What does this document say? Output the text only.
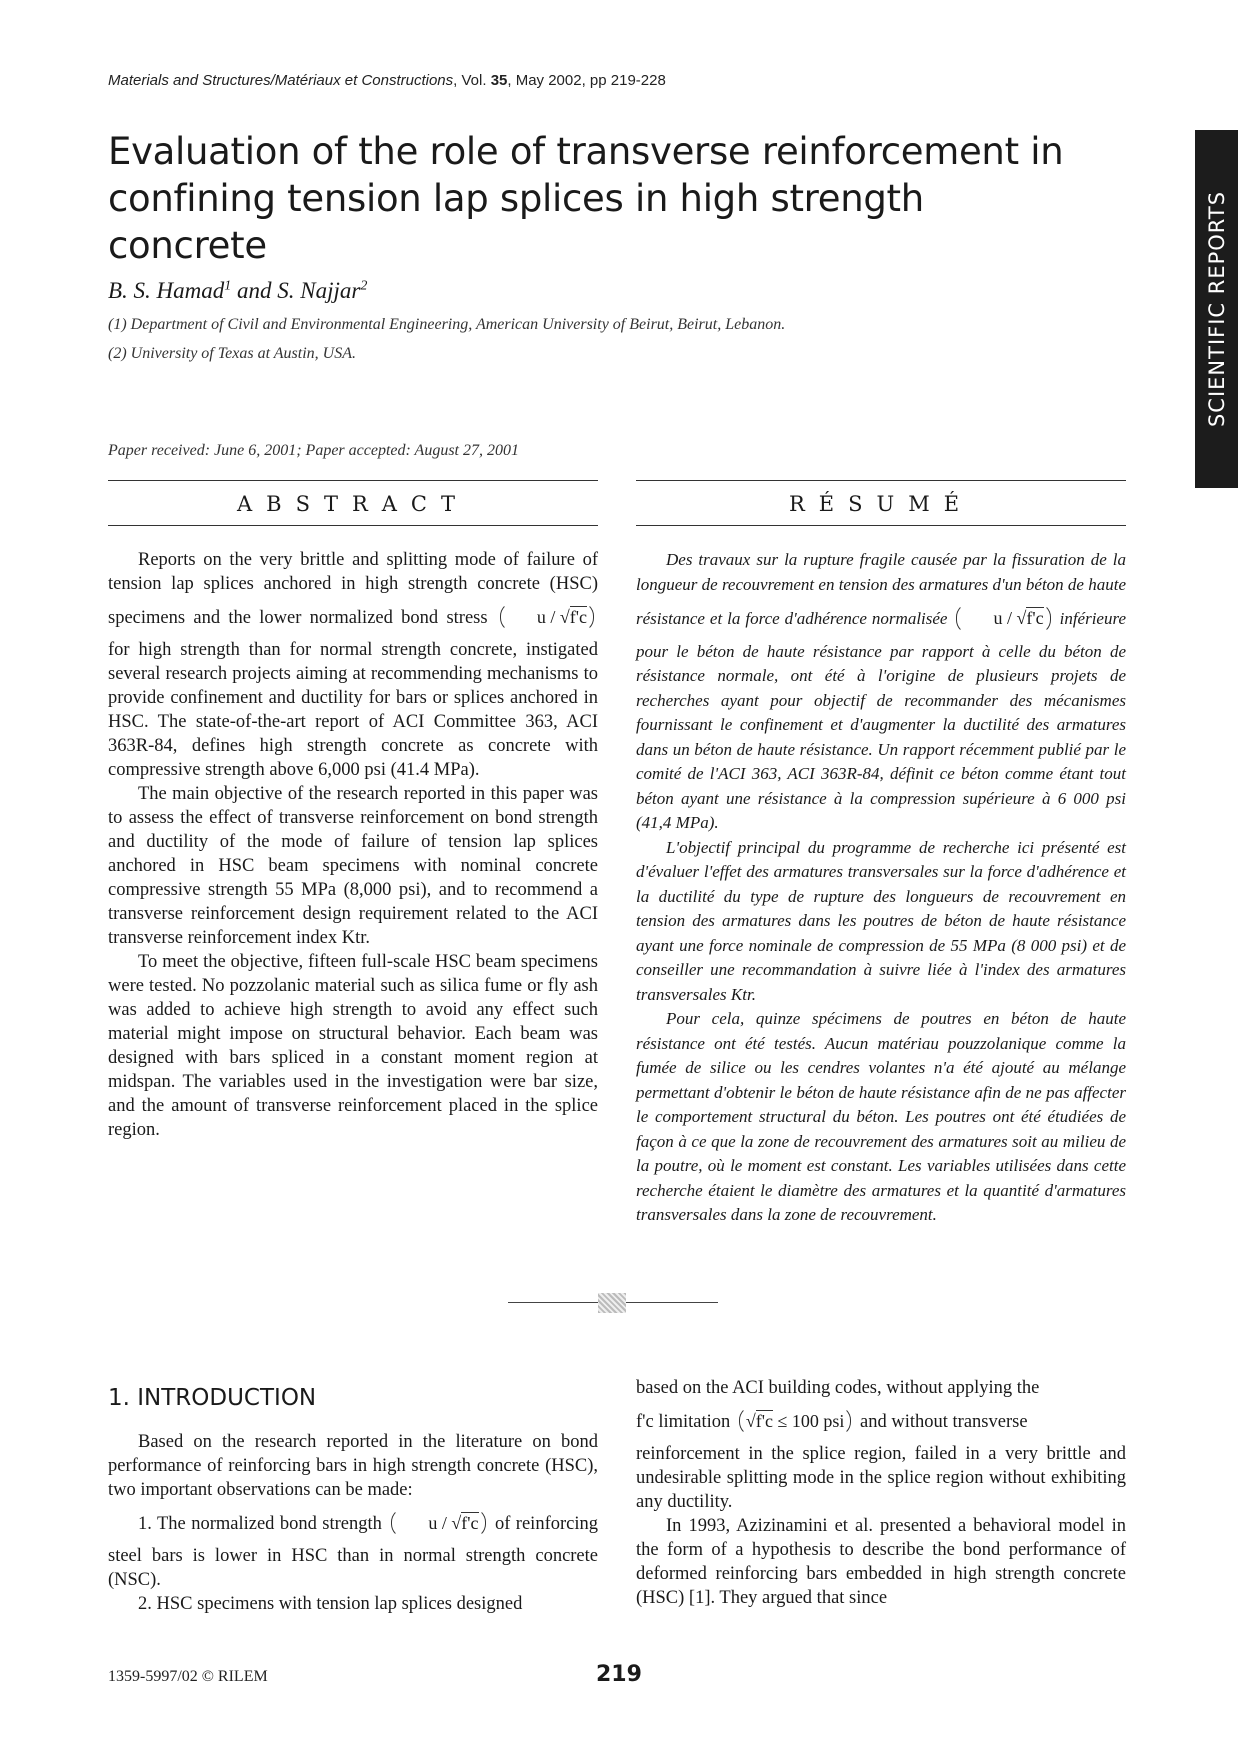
Materials and Structures/Matériaux et Constructions, Vol. 35, May 2002, pp 219-228
Evaluation of the role of transverse reinforcement in confining tension lap splices in high strength concrete
B. S. Hamad$^1$ and S. Najjar$^2$
(1) Department of Civil and Environmental Engineering, American University of Beirut, Beirut, Lebanon.
(2) University of Texas at Austin, USA.
Paper received: June 6, 2001; Paper accepted: August 27, 2001
SCIENTIFIC REPORTS
ABSTRACT	RÉSUMÉ

Reports on the very brittle and splitting mode of failure of tension lap splices anchored in high strength concrete (HSC) specimens and the lower normalized bond stress	u / √f'c for high strength than for normal strength concrete, instigated several research projects aiming at recommending mechanisms to provide confinement and ductility for bars or splices anchored in HSC. The state-of-the-art report of ACI Committee 363, ACI 363R-84, defines high strength concrete as concrete with compressive strength above 6,000 psi (41.4 MPa).

The main objective of the research reported in this paper was to assess the effect of transverse reinforcement on bond strength and ductility of the mode of failure of tension lap splices anchored in HSC beam specimens with nominal concrete compressive strength 55 MPa (8,000 psi), and to recommend a transverse reinforcement design requirement related to the ACI transverse reinforcement index Ktr.

To meet the objective, fifteen full-scale HSC beam specimens were tested. No pozzolanic material such as silica fume or fly ash was added to achieve high strength to avoid any effect such material might impose on structural behavior. Each beam was designed with bars spliced in a constant moment region at midspan. The variables used in the investigation were bar size, and the amount of transverse reinforcement placed in the splice region.

Des travaux sur la rupture fragile causée par la fissuration de la longueur de recouvrement en tension des armatures d'un béton de haute résistance et la force d'adhérence normalisée	u / √f'c inférieure pour le béton de haute résistance par rapport à celle du béton de résistance normale, ont été à l'origine de plusieurs projets de recherches ayant pour objectif de recommander des mécanismes fournissant le confinement et d'augmenter la ductilité des armatures dans un béton de haute résistance. Un rapport récemment publié par le comité de l'ACI 363, ACI 363R-84, définit ce béton comme étant tout béton ayant une résistance à la compression supérieure à 6 000 psi (41,4 MPa).

L'objectif principal du programme de recherche ici présenté est d'évaluer l'effet des armatures transversales sur la force d'adhérence et la ductilité du type de rupture des longueurs de recouvrement en tension des armatures dans les poutres de béton de haute résistance ayant une force nominale de compression de 55 MPa (8 000 psi) et de conseiller une recommandation à suivre liée à l'index des armatures transversales Ktr.

Pour cela, quinze spécimens de poutres en béton de haute résistance ont été testés. Aucun matériau pouzzolanique comme la fumée de silice ou les cendres volantes n'a été ajouté au mélange permettant d'obtenir le béton de haute résistance afin de ne pas affecter le comportement structural du béton. Les poutres ont été étudiées de façon à ce que la zone de recouvrement des armatures soit au milieu de la poutre, où le moment est constant. Les variables utilisées dans cette recherche étaient le diamètre des armatures et la quantité d'armatures transversales dans la zone de recouvrement.

1. INTRODUCTION

Based on the research reported in the literature on bond performance of reinforcing bars in high strength concrete (HSC), two important observations can be made:

1. The normalized bond strength	u / √f'c of reinforcing steel bars is lower in HSC than in normal strength concrete (NSC).

2. HSC specimens with tension lap splices designed

based on the ACI building codes, without applying the

f'c limitation √f'c ≤ 100 psi and without transverse

reinforcement in the splice region, failed in a very brittle and undesirable splitting mode in the splice region without exhibiting any ductility.

In 1993, Azizinamini et al. presented a behavioral model in the form of a hypothesis to describe the bond performance of deformed reinforcing bars embedded in high strength concrete (HSC) [1]. They argued that since

1359-5997/02 © RILEM	219
